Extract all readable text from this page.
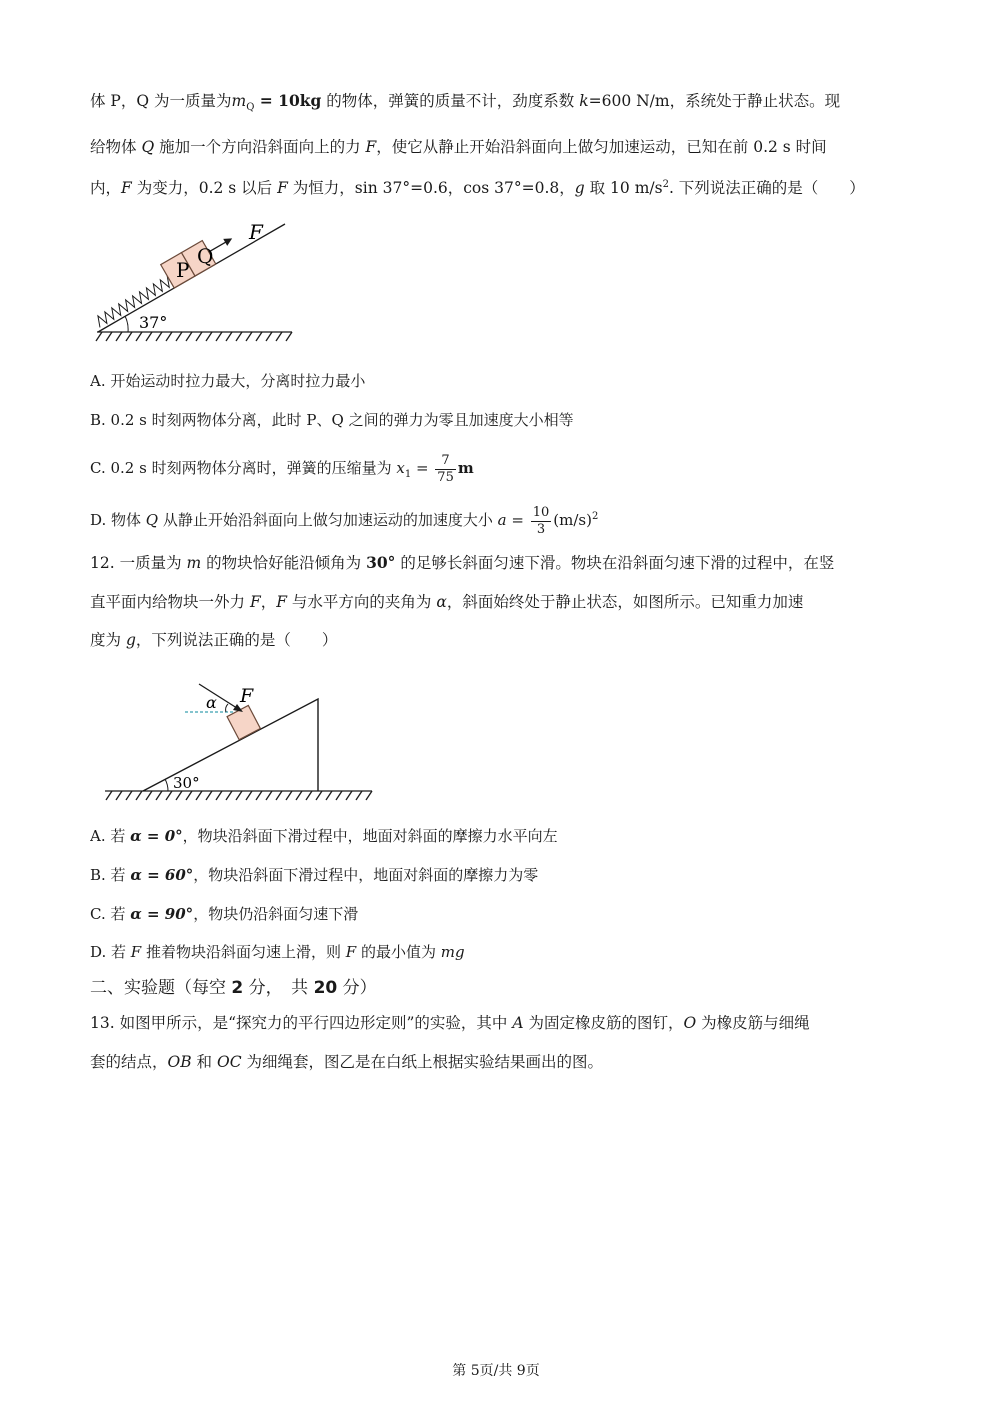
体 P，Q 为一质量为$m_Q = 10kg$ 的物体，弹簧的质量不计，劲度系数 k=600 N/m，系统处于静止状态。现
给物体 Q 施加一个方向沿斜面向上的力 F，使它从静止开始沿斜面向上做匀加速运动，已知在前 0.2 s 时间
内，F 为变力，0.2 s 以后 F 为恒力，sin 37°=0.6，cos 37°=0.8，g 取 10 $m/s^2$. 下列说法正确的是（　　）
37°
P
Q
F
A. 开始运动时拉力最大，分离时拉力最小
B. 0.2 s 时刻两物体分离，此时 P、Q 之间的弹力为零且加速度大小相等
C. 0.2 s 时刻两物体分离时，弹簧的压缩量为 $x_1 = \frac{7}{75}$ m
D. 物体 Q 从静止开始沿斜面向上做匀加速运动的加速度大小 $a = \frac{10}{3} (m/s)^2$
12. 一质量为 m 的物块恰好能沿倾角为 30° 的足够长斜面匀速下滑。物块在沿斜面匀速下滑的过程中，在竖
直平面内给物块一外力 F，F 与水平方向的夹角为 α，斜面始终处于静止状态，如图所示。已知重力加速
度为 g，下列说法正确的是（　　）
30°
α F
A. 若 α = 0°，物块沿斜面下滑过程中，地面对斜面的摩擦力水平向左
B. 若 α = 60°，物块沿斜面下滑过程中，地面对斜面的摩擦力为零
C. 若 α = 90°，物块仍沿斜面匀速下滑
D. 若 F 推着物块沿斜面匀速上滑，则 F 的最小值为 mg
二、实验题（每空 2 分，　共 20 分）
13. 如图甲所示，是“探究力的平行四边形定则”的实验，其中 A 为固定橡皮筋的图钉，O 为橡皮筋与细绳
套的结点，OB 和 OC 为细绳套，图乙是在白纸上根据实验结果画出的图。
第 5页/共 9页
